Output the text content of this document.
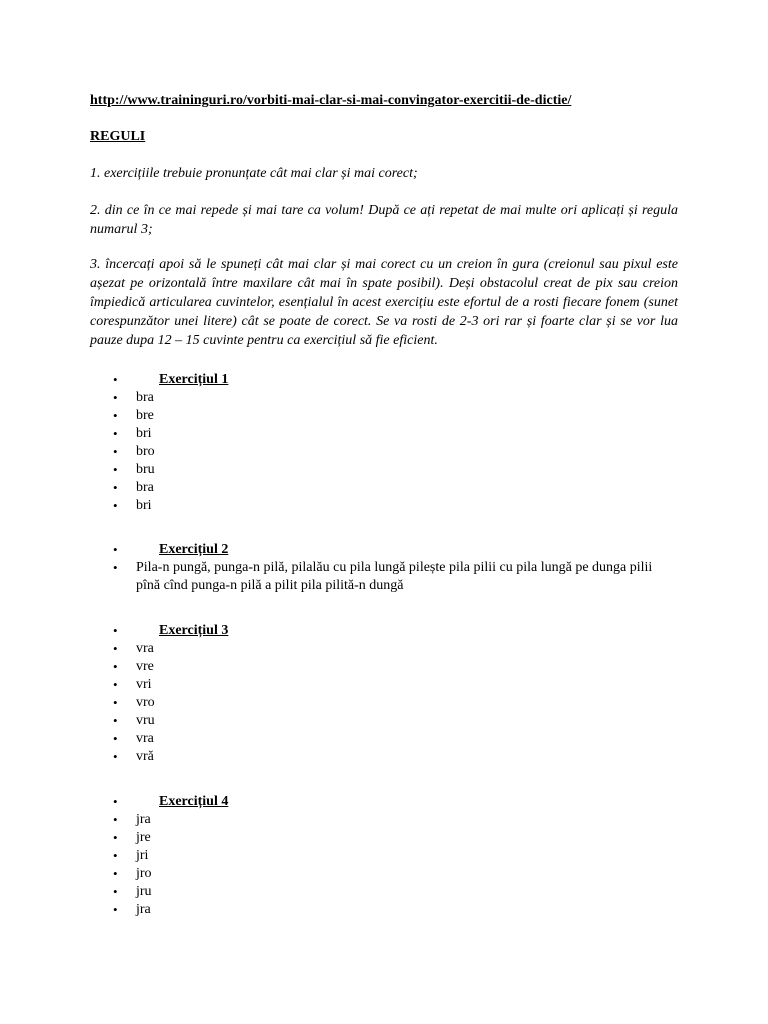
http://www.traininguri.ro/vorbiti-mai-clar-si-mai-convingator-exercitii-de-dictie/
REGULI
1. exercițiile trebuie pronunțate cât mai clar și mai corect;
2. din ce în ce mai repede și mai tare ca volum! După ce ați repetat de mai multe ori aplicați și regula numarul 3;
3. încercați apoi să le spuneți cât mai clar și mai corect cu un creion în gura (creionul sau pixul este așezat pe orizontală între maxilare cât mai în spate posibil). Deși obstacolul creat de pix sau creion împiedică articularea cuvintelor, esențialul în acest exercițiu este efortul de a rosti fiecare fonem (sunet corespunzător unei litere) cât se poate de corect. Se va rosti de 2-3 ori rar și foarte clar și se vor lua pauze dupa 12 – 15 cuvinte pentru ca exercițiul să fie eficient.
•	Exercițiul 1
• bra
• bre
• bri
• bro
• bru
• bra
• bri
•	Exercițiul 2
• Pila-n pungă, punga-n pilă, pilalău cu pila lungă pilește pila pilii cu pila lungă pe dunga pilii pînă cînd punga-n pilă a pilit pila pilită-n dungă
•	Exercițiul 3
• vra
• vre
• vri
• vro
• vru
• vra
• vră
•	Exercițiul 4
• jra
• jre
• jri
• jro
• jru
• jra
